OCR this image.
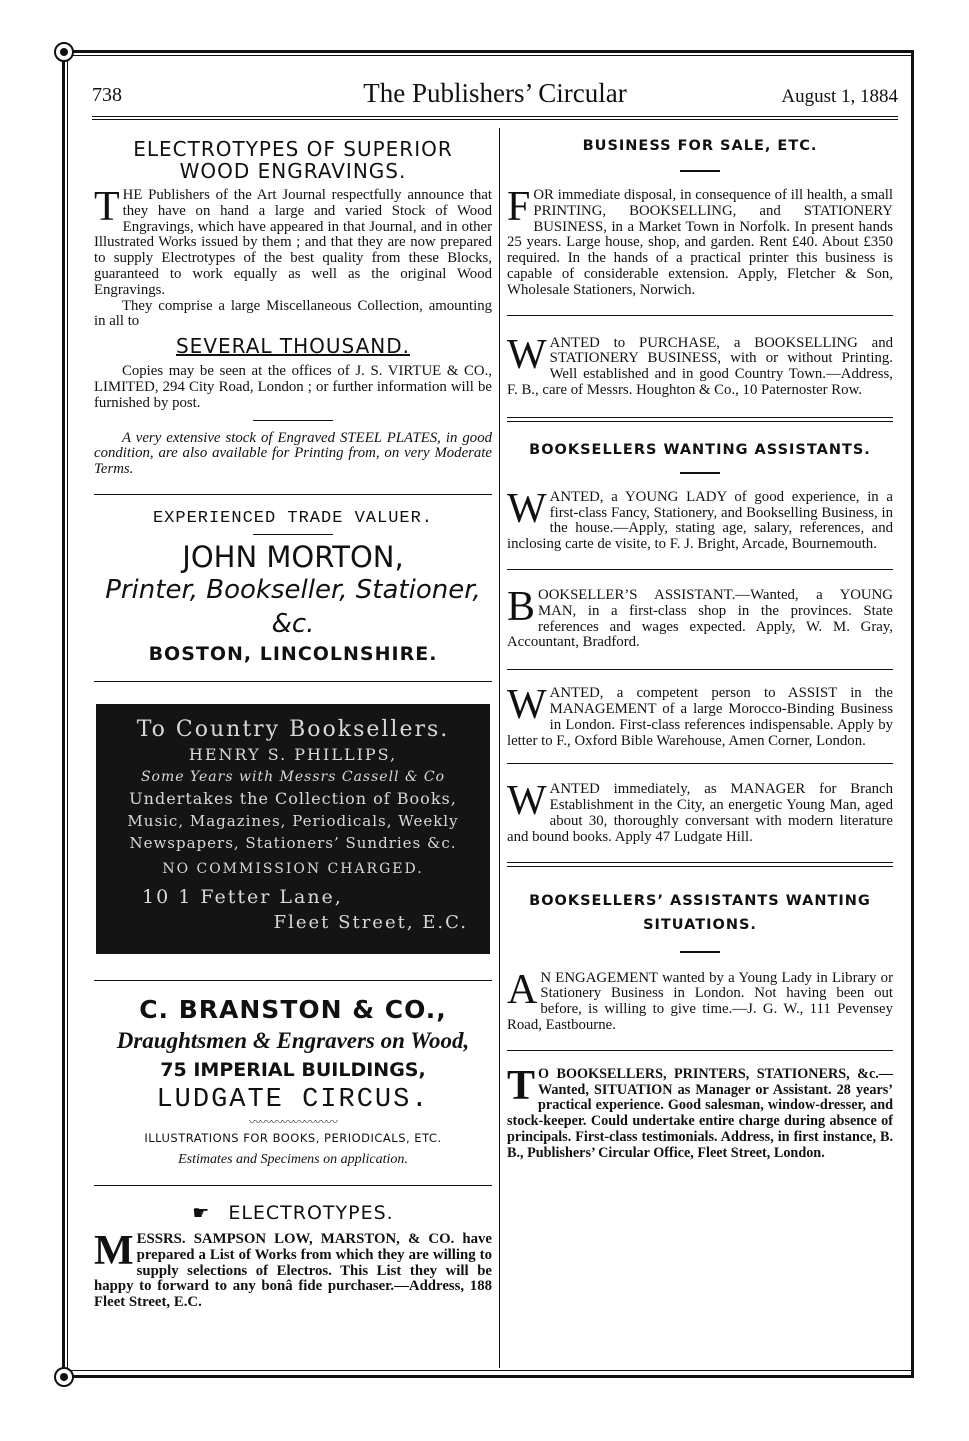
738	The Publishers’ Circular	August 1, 1884
ELECTROTYPES OF SUPERIOR
WOOD ENGRAVINGS.

THE Publishers of the Art Journal respectfully announce that they have on hand a large and varied Stock of Wood Engravings, which have appeared in that Journal, and in other Illustrated Works issued by them ; and that they are now prepared to supply Electrotypes of the best quality from these Blocks, guaranteed to work equally as well as the original Wood Engravings.

They comprise a large Miscellaneous Collection, amounting in all to

SEVERAL THOUSAND.

Copies may be seen at the offices of J. S. VIRTUE & CO., LIMITED, 294 City Road, London ; or further information will be furnished by post.

A very extensive stock of Engraved STEEL PLATES, in good condition, are also available for Printing from, on very Moderate Terms.

EXPERIENCED TRADE VALUER.
JOHN MORTON,
Printer, Bookseller, Stationer, &c.
BOSTON, LINCOLNSHIRE.
To Country Booksellers.
HENRY S. PHILLIPS,
Some Years with Messrs Cassell & Co
Undertakes the Collection of Books,
Music, Magazines, Periodicals, Weekly
Newspapers, Stationers’ Sundries &c.
NO COMMISSION CHARGED.
10 1 Fetter Lane,
Fleet Street, E.C.
C. BRANSTON & CO.,
Draughtsmen & Engravers on Wood,
75 IMPERIAL BUILDINGS,
LUDGATE CIRCUS.
〰〰〰〰〰〰〰〰
ILLUSTRATIONS FOR BOOKS, PERIODICALS, ETC.
Estimates and Specimens on application.
☛ ELECTROTYPES.

MESSRS. SAMPSON LOW, MARSTON, & CO. have prepared a List of Works from which they are willing to supply selections of Electros. This List they will be happy to forward to any bonâ fide purchaser.—Address, 188 Fleet Street, E.C.

BUSINESS FOR SALE, ETC.

FOR immediate disposal, in consequence of ill health, a small PRINTING, BOOKSELLING, and STATIONERY BUSINESS, in a Market Town in Norfolk. In present hands 25 years. Large house, shop, and garden. Rent £40. About £350 required. In the hands of a practical printer this business is capable of considerable extension. Apply, Fletcher & Son, Wholesale Stationers, Norwich.

WANTED to PURCHASE, a BOOKSELLING and STATIONERY BUSINESS, with or without Printing. Well established and in good Country Town.—Address, F. B., care of Messrs. Houghton & Co., 10 Paternoster Row.

BOOKSELLERS WANTING ASSISTANTS.

WANTED, a YOUNG LADY of good experience, in a first-class Fancy, Stationery, and Bookselling Business, in the house.—Apply, stating age, salary, references, and inclosing carte de visite, to F. J. Bright, Arcade, Bournemouth.

BOOKSELLER’S ASSISTANT.—Wanted, a YOUNG MAN, in a first-class shop in the provinces. State references and wages expected. Apply, W. M. Gray, Accountant, Bradford.

WANTED, a competent person to ASSIST in the MANAGEMENT of a large Morocco-Binding Business in London. First-class references indispensable. Apply by letter to F., Oxford Bible Warehouse, Amen Corner, London.

WANTED immediately, as MANAGER for Branch Establishment in the City, an energetic Young Man, aged about 30, thoroughly conversant with modern literature and bound books. Apply 47 Ludgate Hill.

BOOKSELLERS’ ASSISTANTS WANTING
SITUATIONS.

A N ENGAGEMENT wanted by a Young Lady in Library or Stationery Business in London. Not having been out before, is willing to give time.—J. G. W., 111 Pevensey Road, Eastbourne.

T O BOOKSELLERS, PRINTERS, STATIONERS, &c.—Wanted, SITUATION as Manager or Assistant. 28 years’ practical experience. Good salesman, window-dresser, and stock-keeper. Could undertake entire charge during absence of principals. First-class testimonials. Address, in first instance, B. B., Publishers’ Circular Office, Fleet Street, London.
